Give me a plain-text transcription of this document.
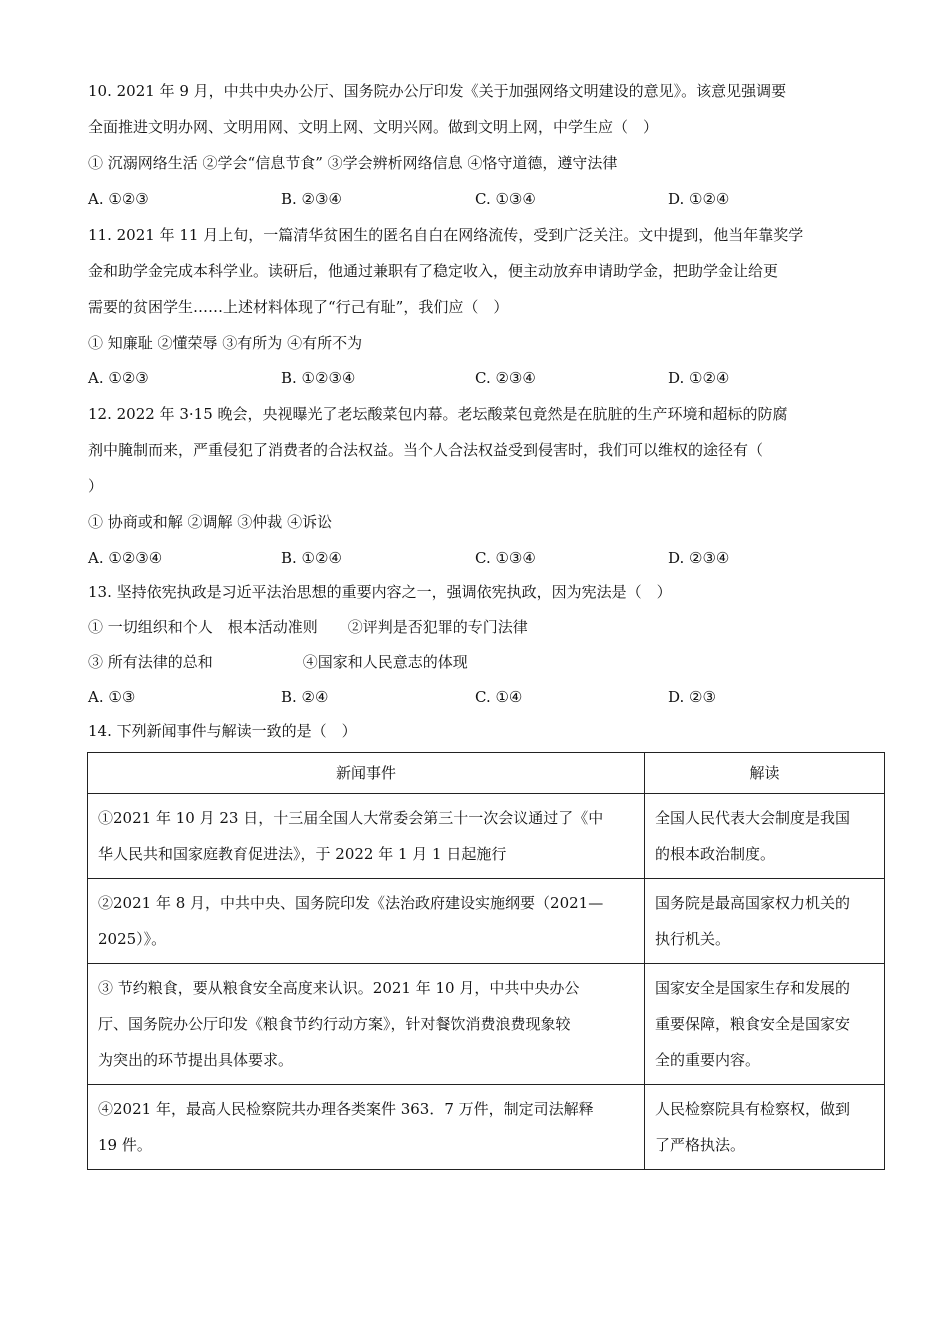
10. 2021 年 9 月，中共中央办公厅、国务院办公厅印发《关于加强网络文明建设的意见》。该意见强调要
全面推进文明办网、文明用网、文明上网、文明兴网。做到文明上网，中学生应（　）
① 沉溺网络生活 ②学会“信息节食” ③学会辨析网络信息 ④恪守道德，遵守法律
A. ①②③	B. ②③④	C. ①③④	D. ①②④
11. 2021 年 11 月上旬，一篇清华贫困生的匿名自白在网络流传，受到广泛关注。文中提到，他当年靠奖学
金和助学金完成本科学业。读研后，他通过兼职有了稳定收入，便主动放弃申请助学金，把助学金让给更
需要的贫困学生……上述材料体现了“行己有耻”，我们应（　）
① 知廉耻 ②懂荣辱 ③有所为 ④有所不为
A. ①②③	B. ①②③④	C. ②③④	D. ①②④
12. 2022 年 3·15 晚会，央视曝光了老坛酸菜包内幕。老坛酸菜包竟然是在肮脏的生产环境和超标的防腐
剂中腌制而来，严重侵犯了消费者的合法权益。当个人合法权益受到侵害时，我们可以维权的途径有（
）
① 协商或和解 ②调解 ③仲裁 ④诉讼
A. ①②③④	B. ①②④	C. ①③④	D. ②③④
13. 坚持依宪执政是习近平法治思想的重要内容之一，强调依宪执政，因为宪法是（　）
① 一切组织和个人　根本活动准则　　②评判是否犯罪的专门法律
③ 所有法律的总和　　　　　　④国家和人民意志的体现
A. ①③	B. ②④	C. ①④	D. ②③
14. 下列新闻事件与解读一致的是（　）
新闻事件	解读

①2021 年 10 月 23 日，十三届全国人大常委会第三十一次会议通过了《中
华人民共和国家庭教育促进法》，于 2022 年 1 月 1 日起施行	全国人民代表大会制度是我国
的根本政治制度。

②2021 年 8 月，中共中央、国务院印发《法治政府建设实施纲要（2021—
2025）》。	国务院是最高国家权力机关的
执行机关。

③ 节约粮食，要从粮食安全高度来认识。2021 年 10 月，中共中央办公
厅、国务院办公厅印发《粮食节约行动方案》，针对餐饮消费浪费现象较
为突出的环节提出具体要求。	国家安全是国家生存和发展的
重要保障，粮食安全是国家安
全的重要内容。

④2021 年，最高人民检察院共办理各类案件 363．7 万件，制定司法解释
19 件。	人民检察院具有检察权，做到
了严格执法。
